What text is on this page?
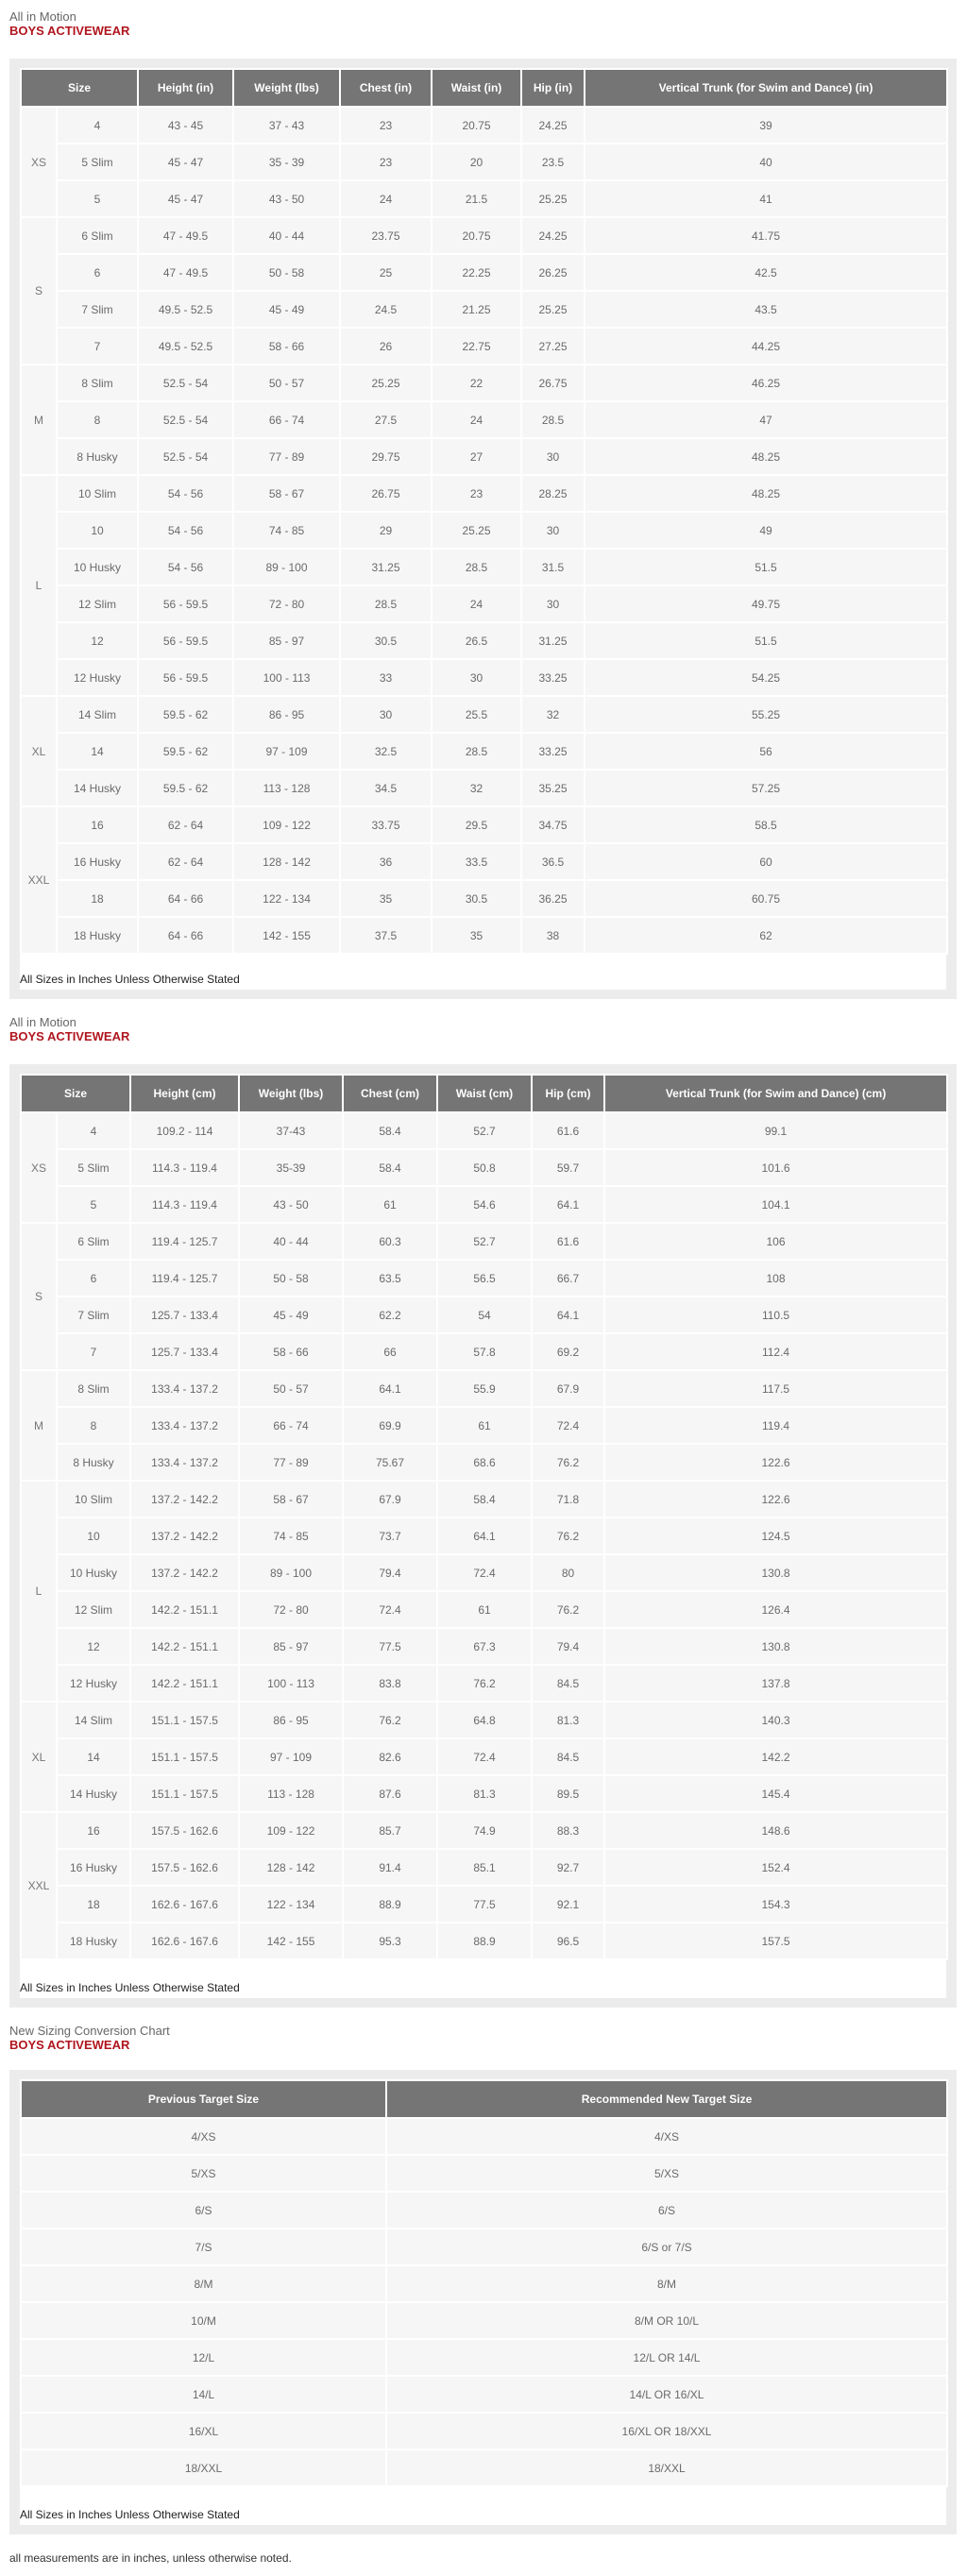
All in Motion
BOYS ACTIVEWEAR
Size		Height (in)	Weight (lbs)	Chest (in)	Waist (in)	Hip (in)	Vertical Trunk (for Swim and Dance) (in)
XS	4	43 - 45	37 - 43	23	20.75	24.25	39
	5 Slim	45 - 47	35 - 39	23	20	23.5	40
	5	45 - 47	43 - 50	24	21.5	25.25	41
S	6 Slim	47 - 49.5	40 - 44	23.75	20.75	24.25	41.75
	6	47 - 49.5	50 - 58	25	22.25	26.25	42.5
	7 Slim	49.5 - 52.5	45 - 49	24.5	21.25	25.25	43.5
	7	49.5 - 52.5	58 - 66	26	22.75	27.25	44.25
M	8 Slim	52.5 - 54	50 - 57	25.25	22	26.75	46.25
	8	52.5 - 54	66 - 74	27.5	24	28.5	47
	8 Husky	52.5 - 54	77 - 89	29.75	27	30	48.25
L	10 Slim	54 - 56	58 - 67	26.75	23	28.25	48.25
	10	54 - 56	74 - 85	29	25.25	30	49
	10 Husky	54 - 56	89 - 100	31.25	28.5	31.5	51.5
	12 Slim	56 - 59.5	72 - 80	28.5	24	30	49.75
	12	56 - 59.5	85 - 97	30.5	26.5	31.25	51.5
	12 Husky	56 - 59.5	100 - 113	33	30	33.25	54.25
XL	14 Slim	59.5 - 62	86 - 95	30	25.5	32	55.25
	14	59.5 - 62	97 - 109	32.5	28.5	33.25	56
	14 Husky	59.5 - 62	113 - 128	34.5	32	35.25	57.25
XXL	16	62 - 64	109 - 122	33.75	29.5	34.75	58.5
	16 Husky	62 - 64	128 - 142	36	33.5	36.5	60
	18	64 - 66	122 - 134	35	30.5	36.25	60.75
	18 Husky	64 - 66	142 - 155	37.5	35	38	62
All Sizes in Inches Unless Otherwise Stated
All in Motion
BOYS ACTIVEWEAR
Size		Height (cm)	Weight (lbs)	Chest (cm)	Waist (cm)	Hip (cm)	Vertical Trunk (for Swim and Dance) (cm)
XS	4	109.2 - 114	37-43	58.4	52.7	61.6	99.1
	5 Slim	114.3 - 119.4	35-39	58.4	50.8	59.7	101.6
	5	114.3 - 119.4	43 - 50	61	54.6	64.1	104.1
S	6 Slim	119.4 - 125.7	40 - 44	60.3	52.7	61.6	106
	6	119.4 - 125.7	50 - 58	63.5	56.5	66.7	108
	7 Slim	125.7 - 133.4	45 - 49	62.2	54	64.1	110.5
	7	125.7 - 133.4	58 - 66	66	57.8	69.2	112.4
M	8 Slim	133.4 - 137.2	50 - 57	64.1	55.9	67.9	117.5
	8	133.4 - 137.2	66 - 74	69.9	61	72.4	119.4
	8 Husky	133.4 - 137.2	77 - 89	75.67	68.6	76.2	122.6
L	10 Slim	137.2 - 142.2	58 - 67	67.9	58.4	71.8	122.6
	10	137.2 - 142.2	74 - 85	73.7	64.1	76.2	124.5
	10 Husky	137.2 - 142.2	89 - 100	79.4	72.4	80	130.8
	12 Slim	142.2 - 151.1	72 - 80	72.4	61	76.2	126.4
	12	142.2 - 151.1	85 - 97	77.5	67.3	79.4	130.8
	12 Husky	142.2 - 151.1	100 - 113	83.8	76.2	84.5	137.8
XL	14 Slim	151.1 - 157.5	86 - 95	76.2	64.8	81.3	140.3
	14	151.1 - 157.5	97 - 109	82.6	72.4	84.5	142.2
	14 Husky	151.1 - 157.5	113 - 128	87.6	81.3	89.5	145.4
XXL	16	157.5 - 162.6	109 - 122	85.7	74.9	88.3	148.6
	16 Husky	157.5 - 162.6	128 - 142	91.4	85.1	92.7	152.4
	18	162.6 - 167.6	122 - 134	88.9	77.5	92.1	154.3
	18 Husky	162.6 - 167.6	142 - 155	95.3	88.9	96.5	157.5
All Sizes in Inches Unless Otherwise Stated
New Sizing Conversion Chart
BOYS ACTIVEWEAR
Previous Target Size	Recommended New Target Size
4/XS	4/XS
5/XS	5/XS
6/S	6/S
7/S	6/S or 7/S
8/M	8/M
10/M	8/M OR 10/L
12/L	12/L OR 14/L
14/L	14/L OR 16/XL
16/XL	16/XL OR 18/XXL
18/XXL	18/XXL
All Sizes in Inches Unless Otherwise Stated
all measurements are in inches, unless otherwise noted.
